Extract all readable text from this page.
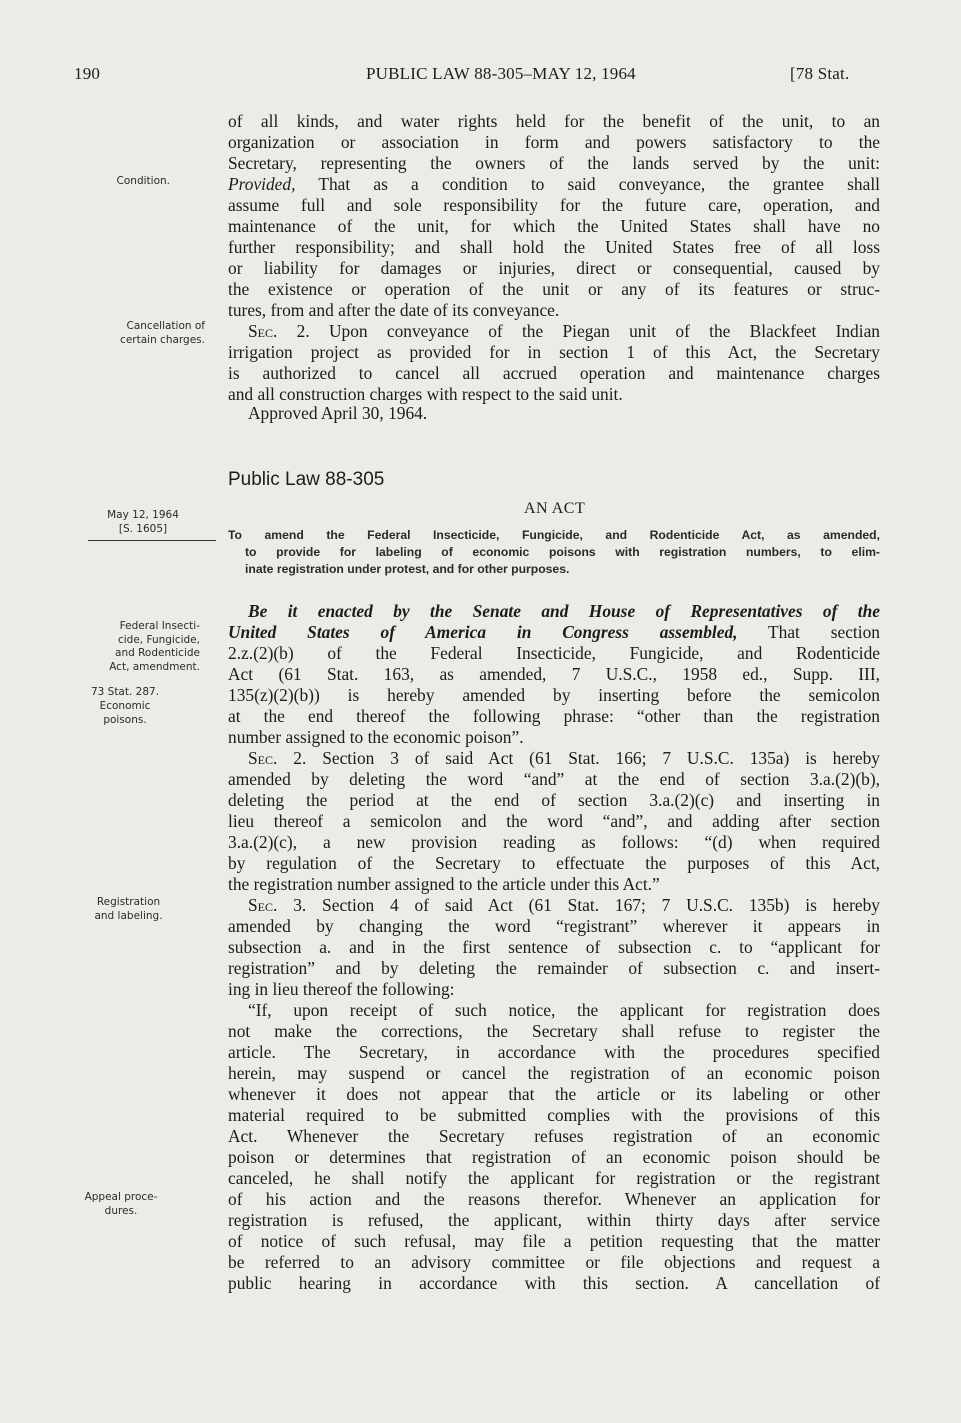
190	PUBLIC LAW 88-305–MAY 12, 1964	[78 Stat.
Condition.
Cancellation of
certain charges.
May 12, 1964
[S. 1605]
Federal Insecti-
cide, Fungicide,
and Rodenticide
Act, amendment.
73 Stat. 287.
Economic
poisons.
Registration
and labeling.
Appeal proce-
dures.
of all kinds, and water rights held for the benefit of the unit, to an
organization or association in form and powers satisfactory to the
Secretary, representing the owners of the lands served by the unit:
Provided, That as a condition to said conveyance, the grantee shall
assume full and sole responsibility for the future care, operation, and
maintenance of the unit, for which the United States shall have no
further responsibility; and shall hold the United States free of all loss
or liability for damages or injuries, direct or consequential, caused by
the existence or operation of the unit or any of its features or struc-
tures, from and after the date of its conveyance.
Sec. 2. Upon conveyance of the Piegan unit of the Blackfeet Indian
irrigation project as provided for in section 1 of this Act, the Secretary
is authorized to cancel all accrued operation and maintenance charges
and all construction charges with respect to the said unit.
Approved April 30, 1964.
Public Law 88-305
AN ACT
To amend the Federal Insecticide, Fungicide, and Rodenticide Act, as amended,
to provide for labeling of economic poisons with registration numbers, to elim-
inate registration under protest, and for other purposes.
Be it enacted by the Senate and House of Representatives of the
United States of America in Congress assembled, That section
2.z.(2)(b) of the Federal Insecticide, Fungicide, and Rodenticide
Act (61 Stat. 163, as amended, 7 U.S.C., 1958 ed., Supp. III,
135(z)(2)(b)) is hereby amended by inserting before the semicolon
at the end thereof the following phrase: “other than the registration
number assigned to the economic poison”.
Sec. 2. Section 3 of said Act (61 Stat. 166; 7 U.S.C. 135a) is hereby
amended by deleting the word “and” at the end of section 3.a.(2)(b),
deleting the period at the end of section 3.a.(2)(c) and inserting in
lieu thereof a semicolon and the word “and”, and adding after section
3.a.(2)(c), a new provision reading as follows: “(d) when required
by regulation of the Secretary to effectuate the purposes of this Act,
the registration number assigned to the article under this Act.”
Sec. 3. Section 4 of said Act (61 Stat. 167; 7 U.S.C. 135b) is hereby
amended by changing the word “registrant” wherever it appears in
subsection a. and in the first sentence of subsection c. to “applicant for
registration” and by deleting the remainder of subsection c. and insert-
ing in lieu thereof the following:
“If, upon receipt of such notice, the applicant for registration does
not make the corrections, the Secretary shall refuse to register the
article. The Secretary, in accordance with the procedures specified
herein, may suspend or cancel the registration of an economic poison
whenever it does not appear that the article or its labeling or other
material required to be submitted complies with the provisions of this
Act. Whenever the Secretary refuses registration of an economic
poison or determines that registration of an economic poison should be
canceled, he shall notify the applicant for registration or the registrant
of his action and the reasons therefor. Whenever an application for
registration is refused, the applicant, within thirty days after service
of notice of such refusal, may file a petition requesting that the matter
be referred to an advisory committee or file objections and request a
public hearing in accordance with this section. A cancellation of
